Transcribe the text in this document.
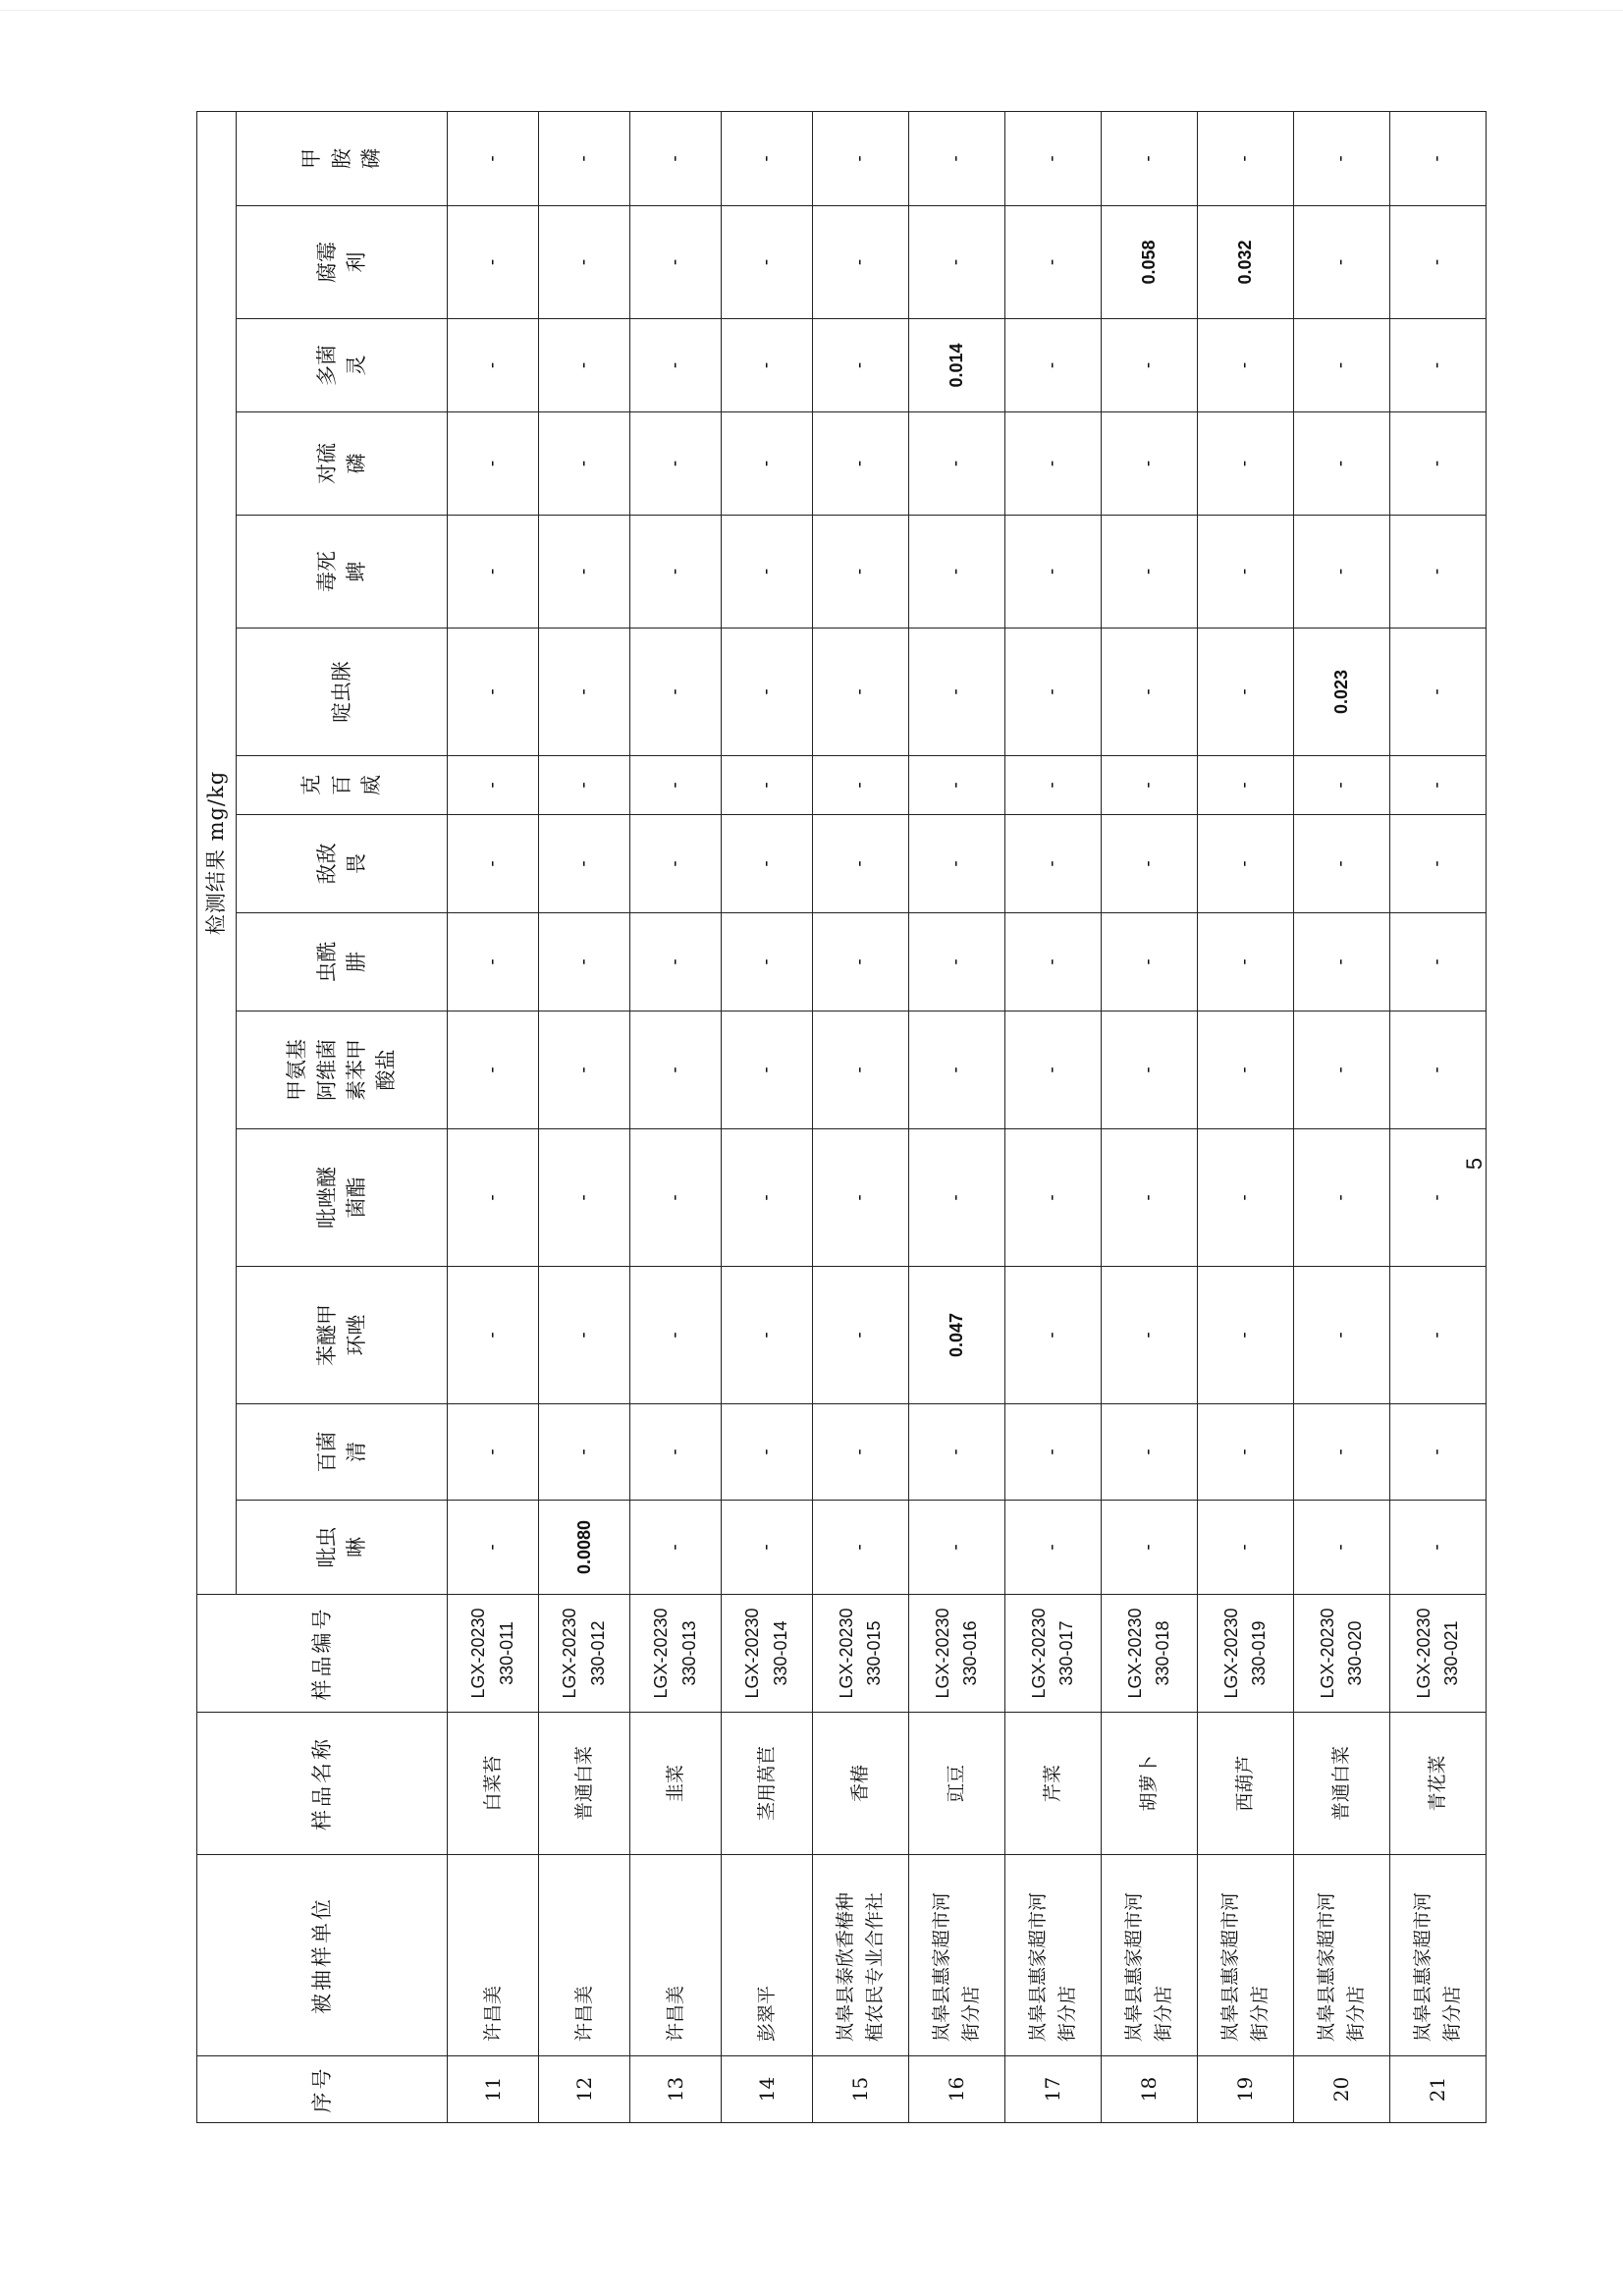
序号	被抽样单位	样品名称	样品编号	检测结果 mg/kg													
				吡虫 啉	百菌 清	苯醚甲 环唑	吡唑醚 菌酯	甲氨基 阿维菌 素苯甲 酸盐	虫酰 肼	敌敌 畏	克 百 威	啶虫脒	毒死 蜱	对硫 磷	多菌 灵	腐霉 利	甲 胺 磷
11	许昌美	白菜苔	LGX-20230 330-011	-	-	-	-	-	-	-	-	-	-	-	-	-	-
12	许昌美	普通白菜	LGX-20230 330-012	0.0080	-	-	-	-	-	-	-	-	-	-	-	-	-
13	许昌美	韭菜	LGX-20230 330-013	-	-	-	-	-	-	-	-	-	-	-	-	-	-
14	彭翠平	茎用莴苣	LGX-20230 330-014	-	-	-	-	-	-	-	-	-	-	-	-	-	-
15	岚皋县泰欣香椿种 植农民专业合作社	香椿	LGX-20230 330-015	-	-	-	-	-	-	-	-	-	-	-	-	-	-
16	岚皋县惠家超市河 街分店	豇豆	LGX-20230 330-016	-	-	0.047	-	-	-	-	-	-	-	-	0.014	-	-
17	岚皋县惠家超市河 街分店	芹菜	LGX-20230 330-017	-	-	-	-	-	-	-	-	-	-	-	-	-	-
18	岚皋县惠家超市河 街分店	胡萝卜	LGX-20230 330-018	-	-	-	-	-	-	-	-	-	-	-	-	0.058	-
19	岚皋县惠家超市河 街分店	西葫芦	LGX-20230 330-019	-	-	-	-	-	-	-	-	-	-	-	-	0.032	-
20	岚皋县惠家超市河 街分店	普通白菜	LGX-20230 330-020	-	-	-	-	-	-	-	-	0.023	-	-	-	-	-
21	岚皋县惠家超市河 街分店	青花菜	LGX-20230 330-021	-	-	-	-	-	-	-	-	-	-	-	-	-	-
5
